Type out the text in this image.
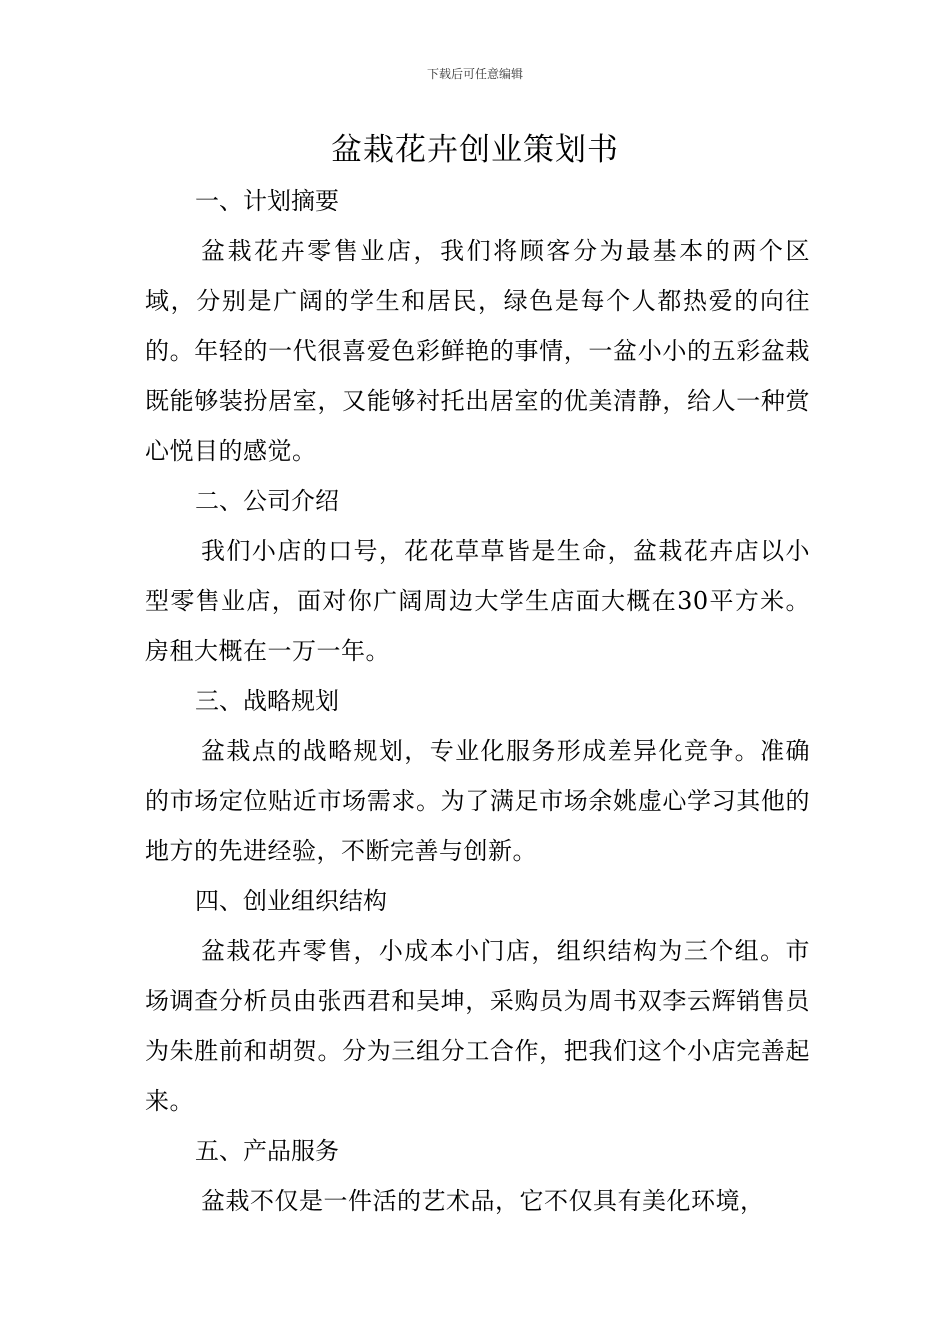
下载后可任意编辑
盆栽花卉创业策划书
一、计划摘要

盆栽花卉零售业店，我们将顾客分为最基本的两个区域，分别是广阔的学生和居民，绿色是每个人都热爱的向往的。年轻的一代很喜爱色彩鲜艳的事情，一盆小小的五彩盆栽既能够装扮居室，又能够衬托出居室的优美清静，给人一种赏心悦目的感觉。

二、公司介绍

我们小店的口号，花花草草皆是生命，盆栽花卉店以小型零售业店，面对你广阔周边大学生店面大概在30平方米。房租大概在一万一年。

三、战略规划

盆栽点的战略规划，专业化服务形成差异化竞争。准确的市场定位贴近市场需求。为了满足市场余姚虚心学习其他的地方的先进经验，不断完善与创新。

四、创业组织结构

盆栽花卉零售，小成本小门店，组织结构为三个组。市场调查分析员由张西君和吴坤，采购员为周书双李云辉销售员为朱胜前和胡贺。分为三组分工合作，把我们这个小店完善起来。

五、产品服务

盆栽不仅是一件活的艺术品，它不仅具有美化环境，
